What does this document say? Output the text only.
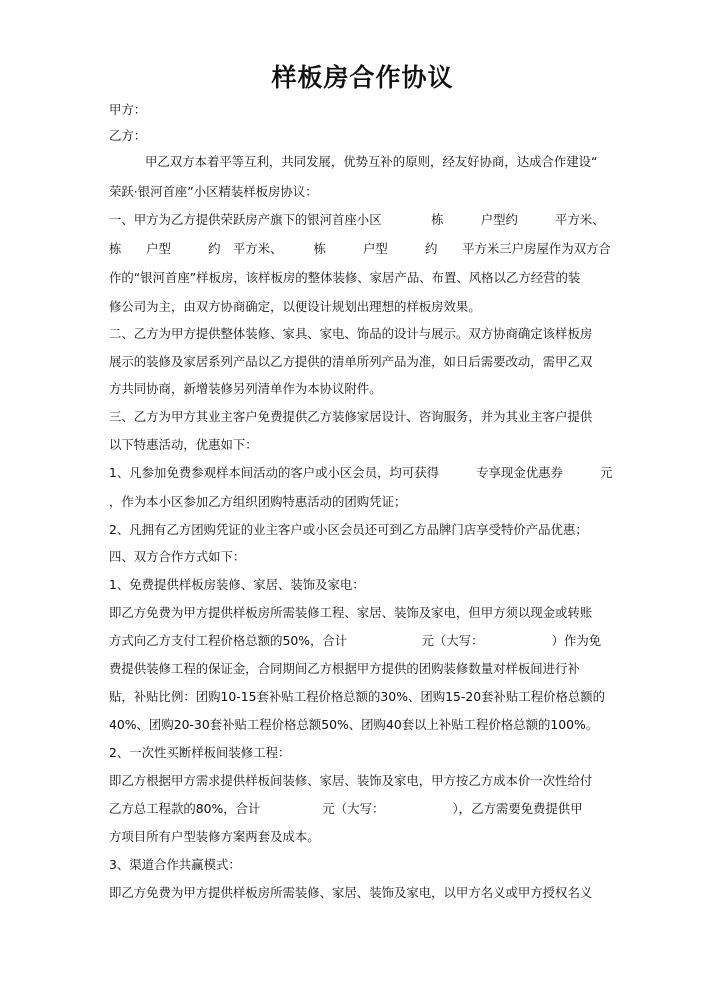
样板房合作协议
甲方：
乙方：
甲乙双方本着平等互利，共同发展，优势互补的原则，经友好协商，达成合作建设“
荣跃·银河首座”小区精装样板房协议：
一、甲方为乙方提供荣跃房产旗下的银河首座小区　　　　栋　　　户型约　　　平方米、
栋　　户型　　　约　平方米、　　　栋　　　户型　　　约　　平方米三户房屋作为双方合
作的“银河首座”样板房，该样板房的整体装修、家居产品、布置、风格以乙方经营的装
修公司为主，由双方协商确定，以便设计规划出理想的样板房效果。
二、乙方为甲方提供整体装修、家具、家电、饰品的设计与展示。双方协商确定该样板房
展示的装修及家居系列产品以乙方提供的清单所列产品为准，如日后需要改动，需甲乙双
方共同协商，新增装修另列清单作为本协议附件。
三、乙方为甲方其业主客户免费提供乙方装修家居设计、咨询服务，并为其业主客户提供
以下特惠活动，优惠如下：
1、凡参加免费参观样本间活动的客户或小区会员，均可获得　　　专享现金优惠券　　　元
，作为本小区参加乙方组织团购特惠活动的团购凭证；
2、凡拥有乙方团购凭证的业主客户或小区会员还可到乙方品牌门店享受特价产品优惠；
四、双方合作方式如下：
1、免费提供样板房装修、家居、装饰及家电：
即乙方免费为甲方提供样板房所需装修工程、家居、装饰及家电，但甲方须以现金或转账
方式向乙方支付工程价格总额的50%，合计　　　　　　元（大写：　　　　　　）作为免
费提供装修工程的保证金，合同期间乙方根据甲方提供的团购装修数量对样板间进行补
贴，补贴比例：团购10-15套补贴工程价格总额的30%、团购15-20套补贴工程价格总额的
40%、团购20-30套补贴工程价格总额50%、团购40套以上补贴工程价格总额的100%。
2、一次性买断样板间装修工程：
即乙方根据甲方需求提供样板间装修、家居、装饰及家电，甲方按乙方成本价一次性给付
乙方总工程款的80%，合计　　　　　元（大写：　　　　　　），乙方需要免费提供甲
方项目所有户型装修方案两套及成本。
3、渠道合作共赢模式：
即乙方免费为甲方提供样板房所需装修、家居、装饰及家电，以甲方名义或甲方授权名义
